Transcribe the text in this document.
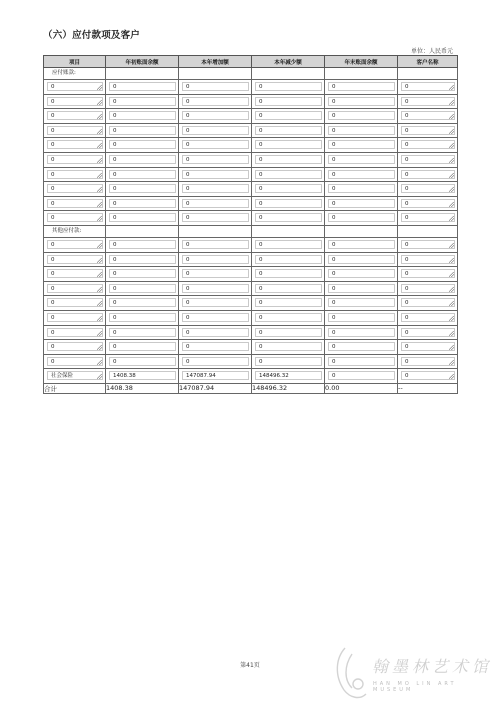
（六）应付款项及客户
单位：人民币元
项目	年初账面余额	本年增加额	本年减少额	年末账面余额	客户名称
应付账款:					

0	0	0	0	0	0

0	0	0	0	0	0

0	0	0	0	0	0

0	0	0	0	0	0

0	0	0	0	0	0

0	0	0	0	0	0

0	0	0	0	0	0

0	0	0	0	0	0

0	0	0	0	0	0

0	0	0	0	0	0

其他应付款:					

0	0	0	0	0	0

0	0	0	0	0	0

0	0	0	0	0	0

0	0	0	0	0	0

0	0	0	0	0	0

0	0	0	0	0	0

0	0	0	0	0	0

0	0	0	0	0	0

0	0	0	0	0	0

社会保险	1408.38	147087.94	148496.32	0	0

合计	1408.38	147087.94	148496.32	0.00	--
第41页	翰墨林艺术馆
HAN MO LIN ART MUSEUM
